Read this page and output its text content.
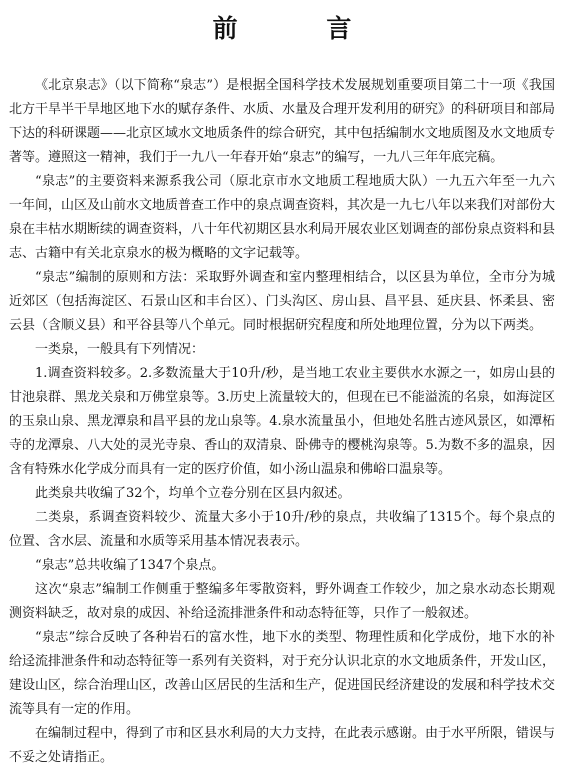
前 言

《北京泉志》（以下简称“泉志”）是根据全国科学技术发展规划重要项目第二十一项《我国北方干旱半干旱地区地下水的赋存条件、水质、水量及合理开发利用的研究》的科研项目和部局下达的科研课题——北京区域水文地质条件的综合研究，其中包括编制水文地质图及水文地质专著等。遵照这一精神，我们于一九八一年春开始“泉志”的编写，一九八三年年底完稿。

“泉志”的主要资料来源系我公司（原北京市水文地质工程地质大队）一九五六年至一九六一年间，山区及山前水文地质普查工作中的泉点调查资料，其次是一九七八年以来我们对部份大泉在丰枯水期断续的调查资料，八十年代初期区县水利局开展农业区划调查的部份泉点资料和县志、古籍中有关北京泉水的极为概略的文字记载等。

“泉志”编制的原则和方法：采取野外调查和室内整理相结合，以区县为单位，全市分为城近郊区（包括海淀区、石景山区和丰台区）、门头沟区、房山县、昌平县、延庆县、怀柔县、密云县（含顺义县）和平谷县等八个单元。同时根据研究程度和所处地理位置，分为以下两类。

一类泉，一般具有下列情况：

1.调查资料较多。2.多数流量大于10升/秒，是当地工农业主要供水水源之一，如房山县的甘池泉群、黑龙关泉和万佛堂泉等。3.历史上流量较大的，但现在已不能溢流的名泉，如海淀区的玉泉山泉、黑龙潭泉和昌平县的龙山泉等。4.泉水流量虽小，但地处名胜古迹风景区，如潭柘寺的龙潭泉、八大处的灵光寺泉、香山的双清泉、卧佛寺的樱桃沟泉等。5.为数不多的温泉，因含有特殊水化学成分而具有一定的医疗价值，如小汤山温泉和佛峪口温泉等。

此类泉共收编了32个，均单个立卷分别在区县内叙述。

二类泉，系调查资料较少、流量大多小于10升/秒的泉点，共收编了1315个。每个泉点的位置、含水层、流量和水质等采用基本情况表表示。

“泉志”总共收编了1347个泉点。

这次“泉志”编制工作侧重于整编多年零散资料，野外调查工作较少，加之泉水动态长期观测资料缺乏，故对泉的成因、补给迳流排泄条件和动态特征等，只作了一般叙述。

“泉志”综合反映了各种岩石的富水性，地下水的类型、物理性质和化学成份，地下水的补给迳流排泄条件和动态特征等一系列有关资料，对于充分认识北京的水文地质条件，开发山区，建设山区，综合治理山区，改善山区居民的生活和生产，促进国民经济建设的发展和科学技术交流等具有一定的作用。

在编制过程中，得到了市和区县水利局的大力支持，在此表示感谢。由于水平所限，错误与不妥之处请指正。
